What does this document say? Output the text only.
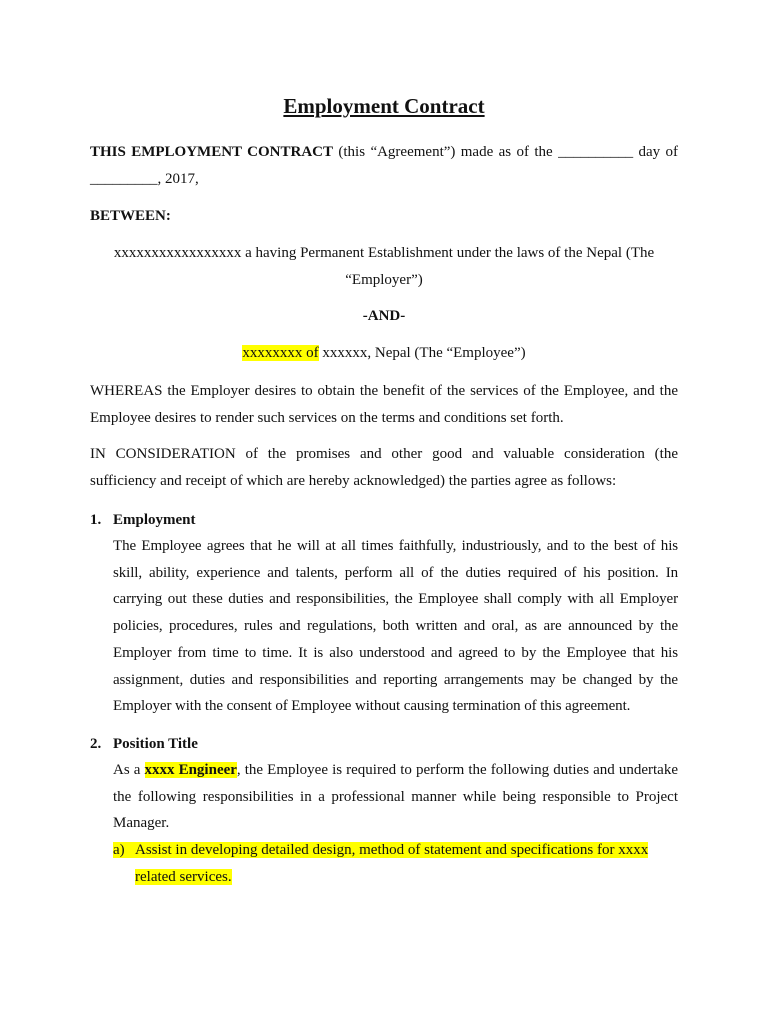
Employment Contract

THIS EMPLOYMENT CONTRACT (this “Agreement”) made as of the __________ day of _________, 2017,

BETWEEN:
xxxxxxxxxxxxxxxxx a having Permanent Establishment under the laws of the Nepal (The
“Employer”)
-AND-
xxxxxxxx of xxxxxx, Nepal (The “Employee”)

WHEREAS the Employer desires to obtain the benefit of the services of the Employee, and the Employee desires to render such services on the terms and conditions set forth.

IN CONSIDERATION of the promises and other good and valuable consideration (the sufficiency and receipt of which are hereby acknowledged) the parties agree as follows:

1. Employment

The Employee agrees that he will at all times faithfully, industriously, and to the best of his skill, ability, experience and talents, perform all of the duties required of his position. In carrying out these duties and responsibilities, the Employee shall comply with all Employer policies, procedures, rules and regulations, both written and oral, as are announced by the Employer from time to time. It is also understood and agreed to by the Employee that his assignment, duties and responsibilities and reporting arrangements may be changed by the Employer with the consent of Employee without causing termination of this agreement.

2. Position Title

As a xxxx Engineer, the Employee is required to perform the following duties and undertake the following responsibilities in a professional manner while being responsible to Project Manager.

a) Assist in developing detailed design, method of statement and specifications for xxxx
related services.
